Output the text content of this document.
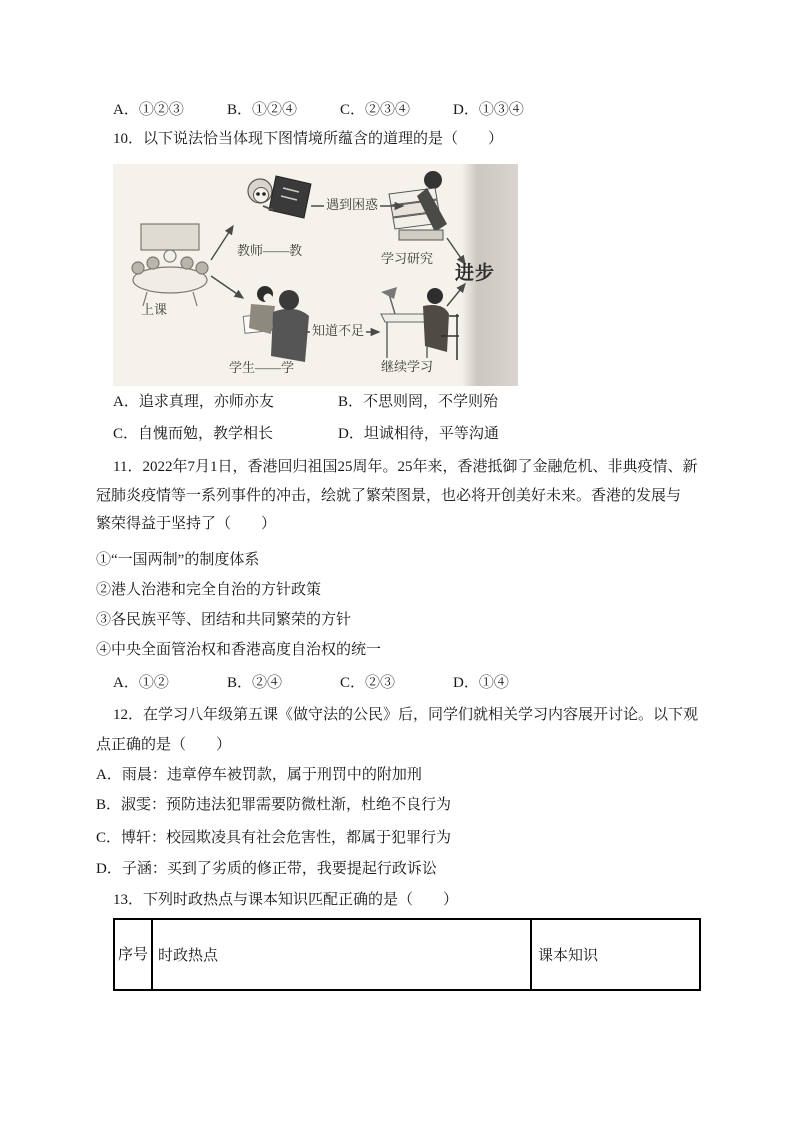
A．①②③	B．①②④	C．②③④	D．①③④
10．以下说法恰当体现下图情境所蕴含的道理的是（　　）
上课
教师——教
遇到困惑
学习研究
学生——学
知道不足
继续学习
进步
A．追求真理，亦师亦友	B．不思则罔，不学则殆
C．自愧而勉，教学相长	D．坦诚相待，平等沟通
11．2022年7月1日，香港回归祖国25周年。25年来，香港抵御了金融危机、非典疫情、新
冠肺炎疫情等一系列事件的冲击，绘就了繁荣图景，也必将开创美好未来。香港的发展与
繁荣得益于坚持了（　　）
①“一国两制”的制度体系
②港人治港和完全自治的方针政策
③各民族平等、团结和共同繁荣的方针
④中央全面管治权和香港高度自治权的统一
A．①②	B．②④	C．②③	D．①④
12．在学习八年级第五课《做守法的公民》后，同学们就相关学习内容展开讨论。以下观
点正确的是（　　）
A．雨晨：违章停车被罚款，属于刑罚中的附加刑
B．淑雯：预防违法犯罪需要防微杜渐，杜绝不良行为
C．博轩：校园欺凌具有社会危害性，都属于犯罪行为
D．子涵：买到了劣质的修正带，我要提起行政诉讼
13．下列时政热点与课本知识匹配正确的是（　　）
序号	时政热点	课本知识
